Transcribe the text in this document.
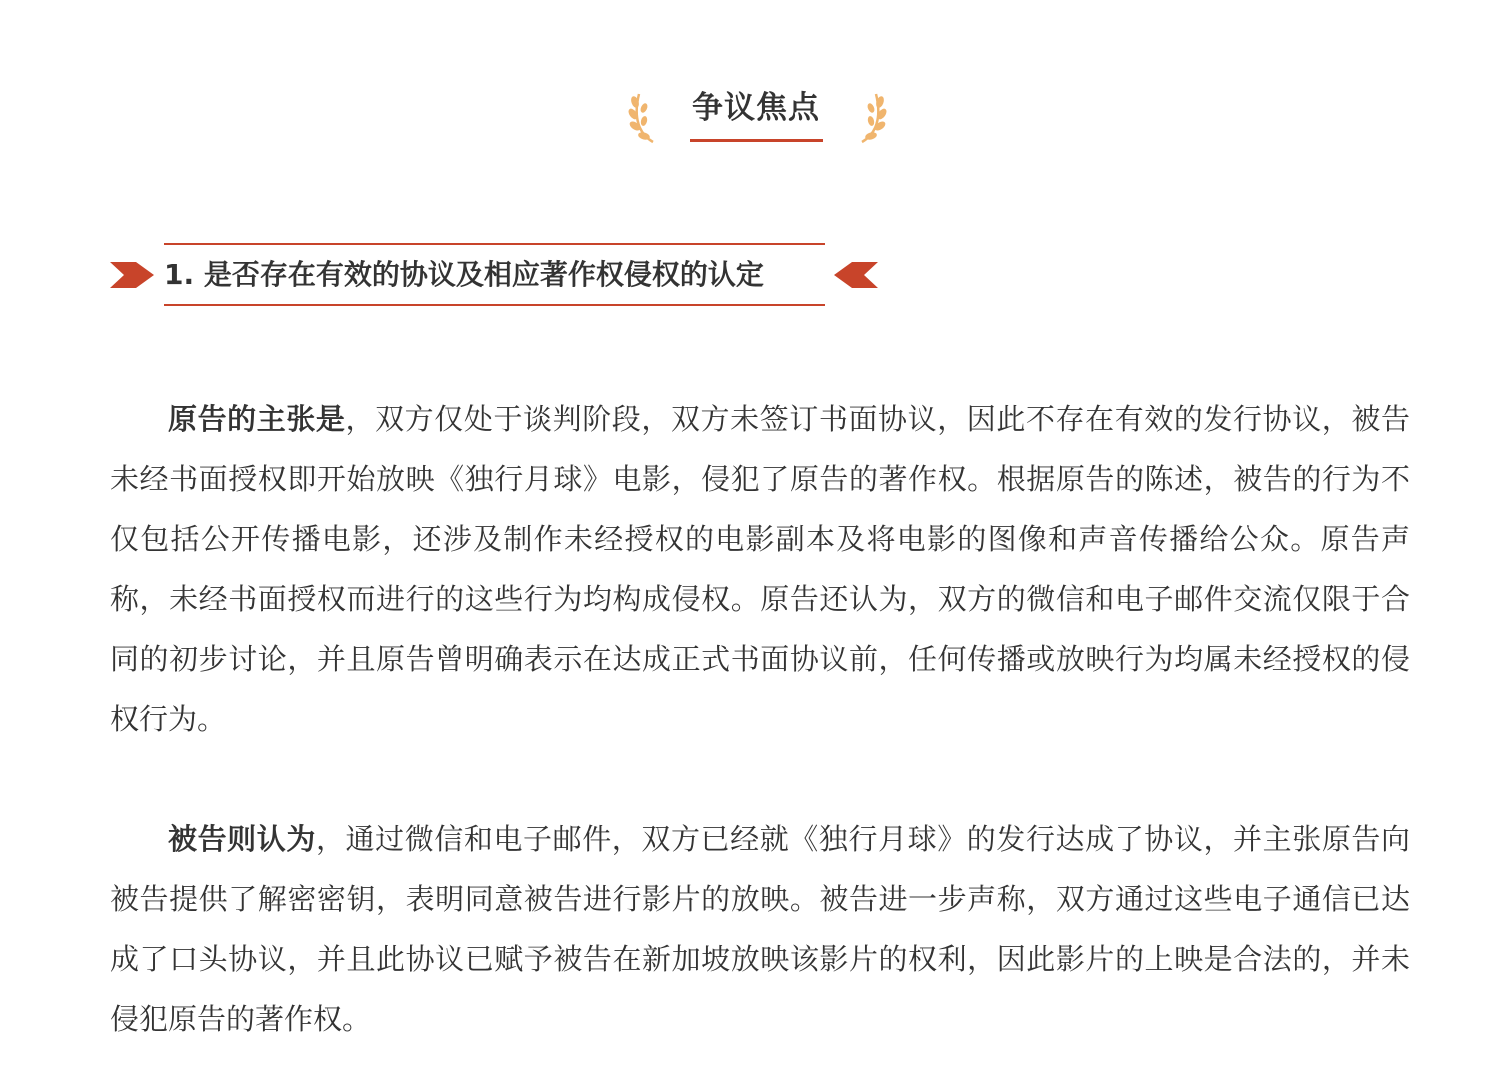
争议焦点
1. 是否存在有效的协议及相应著作权侵权的认定

原告的主张是，双方仅处于谈判阶段，双方未签订书面协议，因此不存在有效的发行协议，被告未经书面授权即开始放映《独行月球》电影，侵犯了原告的著作权。根据原告的陈述，被告的行为不仅包括公开传播电影，还涉及制作未经授权的电影副本及将电影的图像和声音传播给公众。原告声称，未经书面授权而进行的这些行为均构成侵权。原告还认为，双方的微信和电子邮件交流仅限于合同的初步讨论，并且原告曾明确表示在达成正式书面协议前，任何传播或放映行为均属未经授权的侵权行为。

被告则认为，通过微信和电子邮件，双方已经就《独行月球》的发行达成了协议，并主张原告向被告提供了解密密钥，表明同意被告进行影片的放映。被告进一步声称，双方通过这些电子通信已达成了口头协议，并且此协议已赋予被告在新加坡放映该影片的权利，因此影片的上映是合法的，并未侵犯原告的著作权。
